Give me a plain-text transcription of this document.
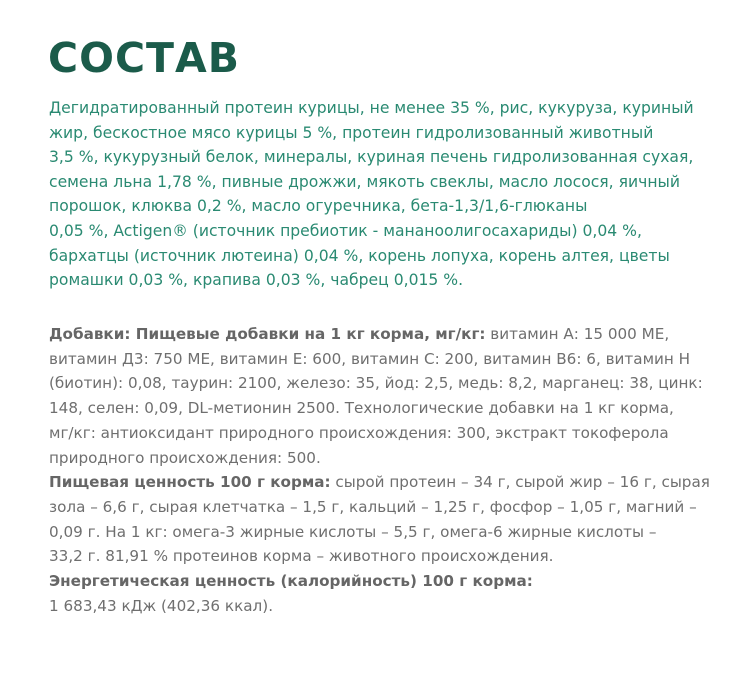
СОСТАВ

Дегидратированный протеин курицы, не менее 35 %, рис, кукуруза, куриный
жир, бескостное мясо курицы 5 %, протеин гидролизованный животный
3,5 %, кукурузный белок, минералы, куриная печень гидролизованная сухая,
семена льна 1,78 %, пивные дрожжи, мякоть свеклы, масло лосося, яичный
порошок, клюква 0,2 %, масло огуречника, бета-1,3/1,6-глюканы
0,05 %, Actigen® (источник пребиотик - мананоолигосахариды) 0,04 %,
бархатцы (источник лютеина) 0,04 %, корень лопуха, корень алтея, цветы
ромашки 0,03 %, крапива 0,03 %, чабрец 0,015 %.

Добавки: Пищевые добавки на 1 кг корма, мг/кг: витамин А: 15 000 МЕ,
витамин Д3: 750 МЕ, витамин Е: 600, витамин С: 200, витамин В6: 6, витамин Н
(биотин): 0,08, таурин: 2100, железо: 35, йод: 2,5, медь: 8,2, марганец: 38, цинк:
148, селен: 0,09, DL-метионин 2500. Технологические добавки на 1 кг корма,
мг/кг: антиоксидант природного происхождения: 300, экстракт токоферола
природного происхождения: 500.
Пищевая ценность 100 г корма: сырой протеин – 34 г, сырой жир – 16 г, сырая
зола – 6,6 г, сырая клетчатка – 1,5 г, кальций – 1,25 г, фосфор – 1,05 г, магний –
0,09 г. На 1 кг: омега-3 жирные кислоты – 5,5 г, омега-6 жирные кислоты –
33,2 г. 81,91 % протеинов корма – животного происхождения.
Энергетическая ценность (калорийность) 100 г корма:
1 683,43 кДж (402,36 ккал).
